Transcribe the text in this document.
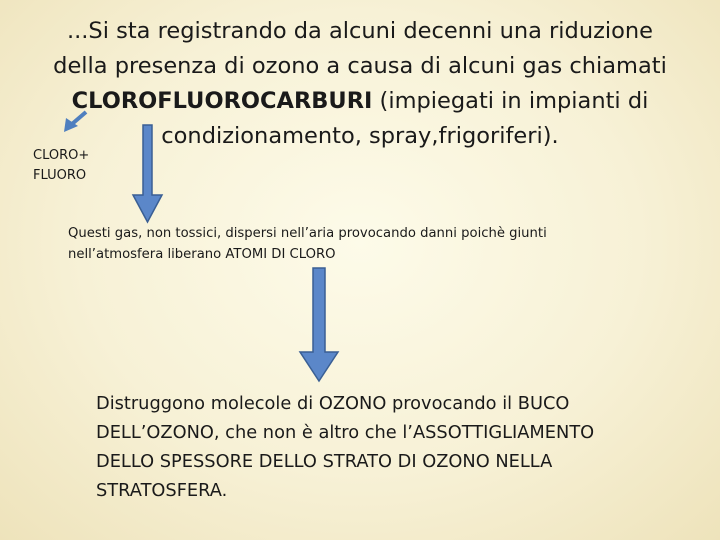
...Si sta registrando da alcuni decenni una riduzione
della presenza di ozono a causa di alcuni gas chiamati
CLOROFLUOROCARBURI (impiegati in impianti di
condizionamento, spray,frigoriferi).
CLORO+
FLUORO
Questi gas, non tossici, dispersi nell’aria provocando danni poichè giunti nell’atmosfera liberano ATOMI DI CLORO
Distruggono molecole di OZONO provocando il BUCO DELL’OZONO, che non è altro che l’ASSOTTIGLIAMENTO DELLO SPESSORE DELLO STRATO DI OZONO NELLA STRATOSFERA.
